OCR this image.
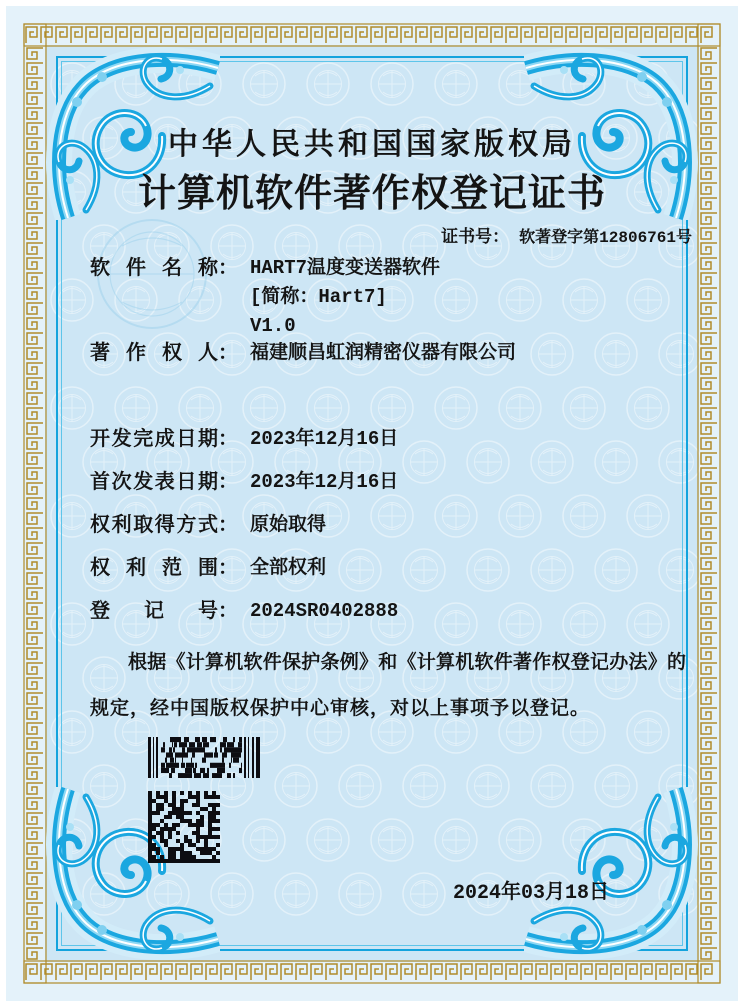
中华人民共和国国家版权局
计算机软件著作权登记证书
证书号： 软著登字第12806761号
软件名称 ： HART7温度变送器软件
[简称：Hart7]
V1.0
著作权人 ： 福建顺昌虹润精密仪器有限公司
开发完成日期 ： 2023年12月16日
首次发表日期 ： 2023年12月16日
权利取得方式 ： 原始取得
权利范围 ： 全部权利
登记号 ： 2024SR0402888
根据《计算机软件保护条例》和《计算机软件著作权登记办法》的
规定，经中国版权保护中心审核，对以上事项予以登记。
2024年03月18日
